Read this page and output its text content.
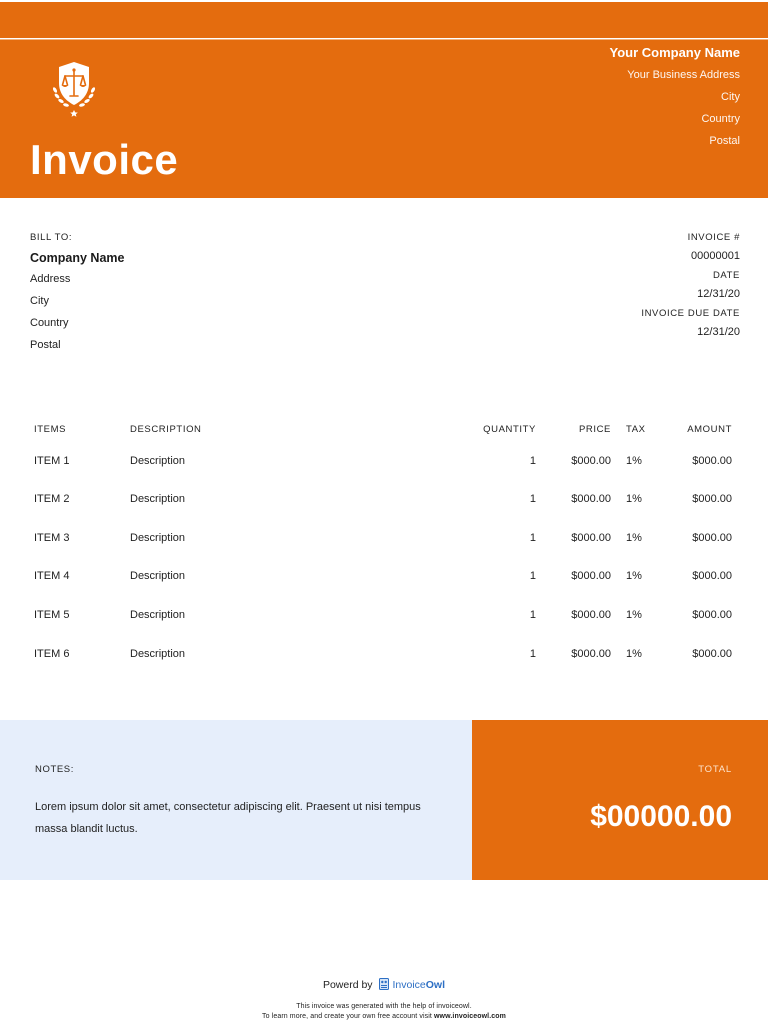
Invoice
Your Company Name
Your Business Address
City
Country
Postal
BILL TO:
Company Name
Address
City
Country
Postal
INVOICE #
00000001
DATE
12/31/20
INVOICE DUE DATE
12/31/20
ITEMS	DESCRIPTION	QUANTITY	PRICE TAX	AMOUNT
ITEM 1	Description	1	$000.00 1%	$000.00
ITEM 2	Description	1	$000.00 1%	$000.00
ITEM 3	Description	1	$000.00 1%	$000.00
ITEM 4	Description	1	$000.00 1%	$000.00
ITEM 5	Description	1	$000.00 1%	$000.00
ITEM 6	Description	1	$000.00 1%	$000.00
NOTES:
Lorem ipsum dolor sit amet, consectetur adipiscing elit. Praesent ut nisi tempus massa blandit luctus.
TOTAL
$00000.00
Powerd by InvoiceOwl
This invoice was generated with the help of invoiceowl.
To learn more, and create your own free account visit www.invoiceowl.com
